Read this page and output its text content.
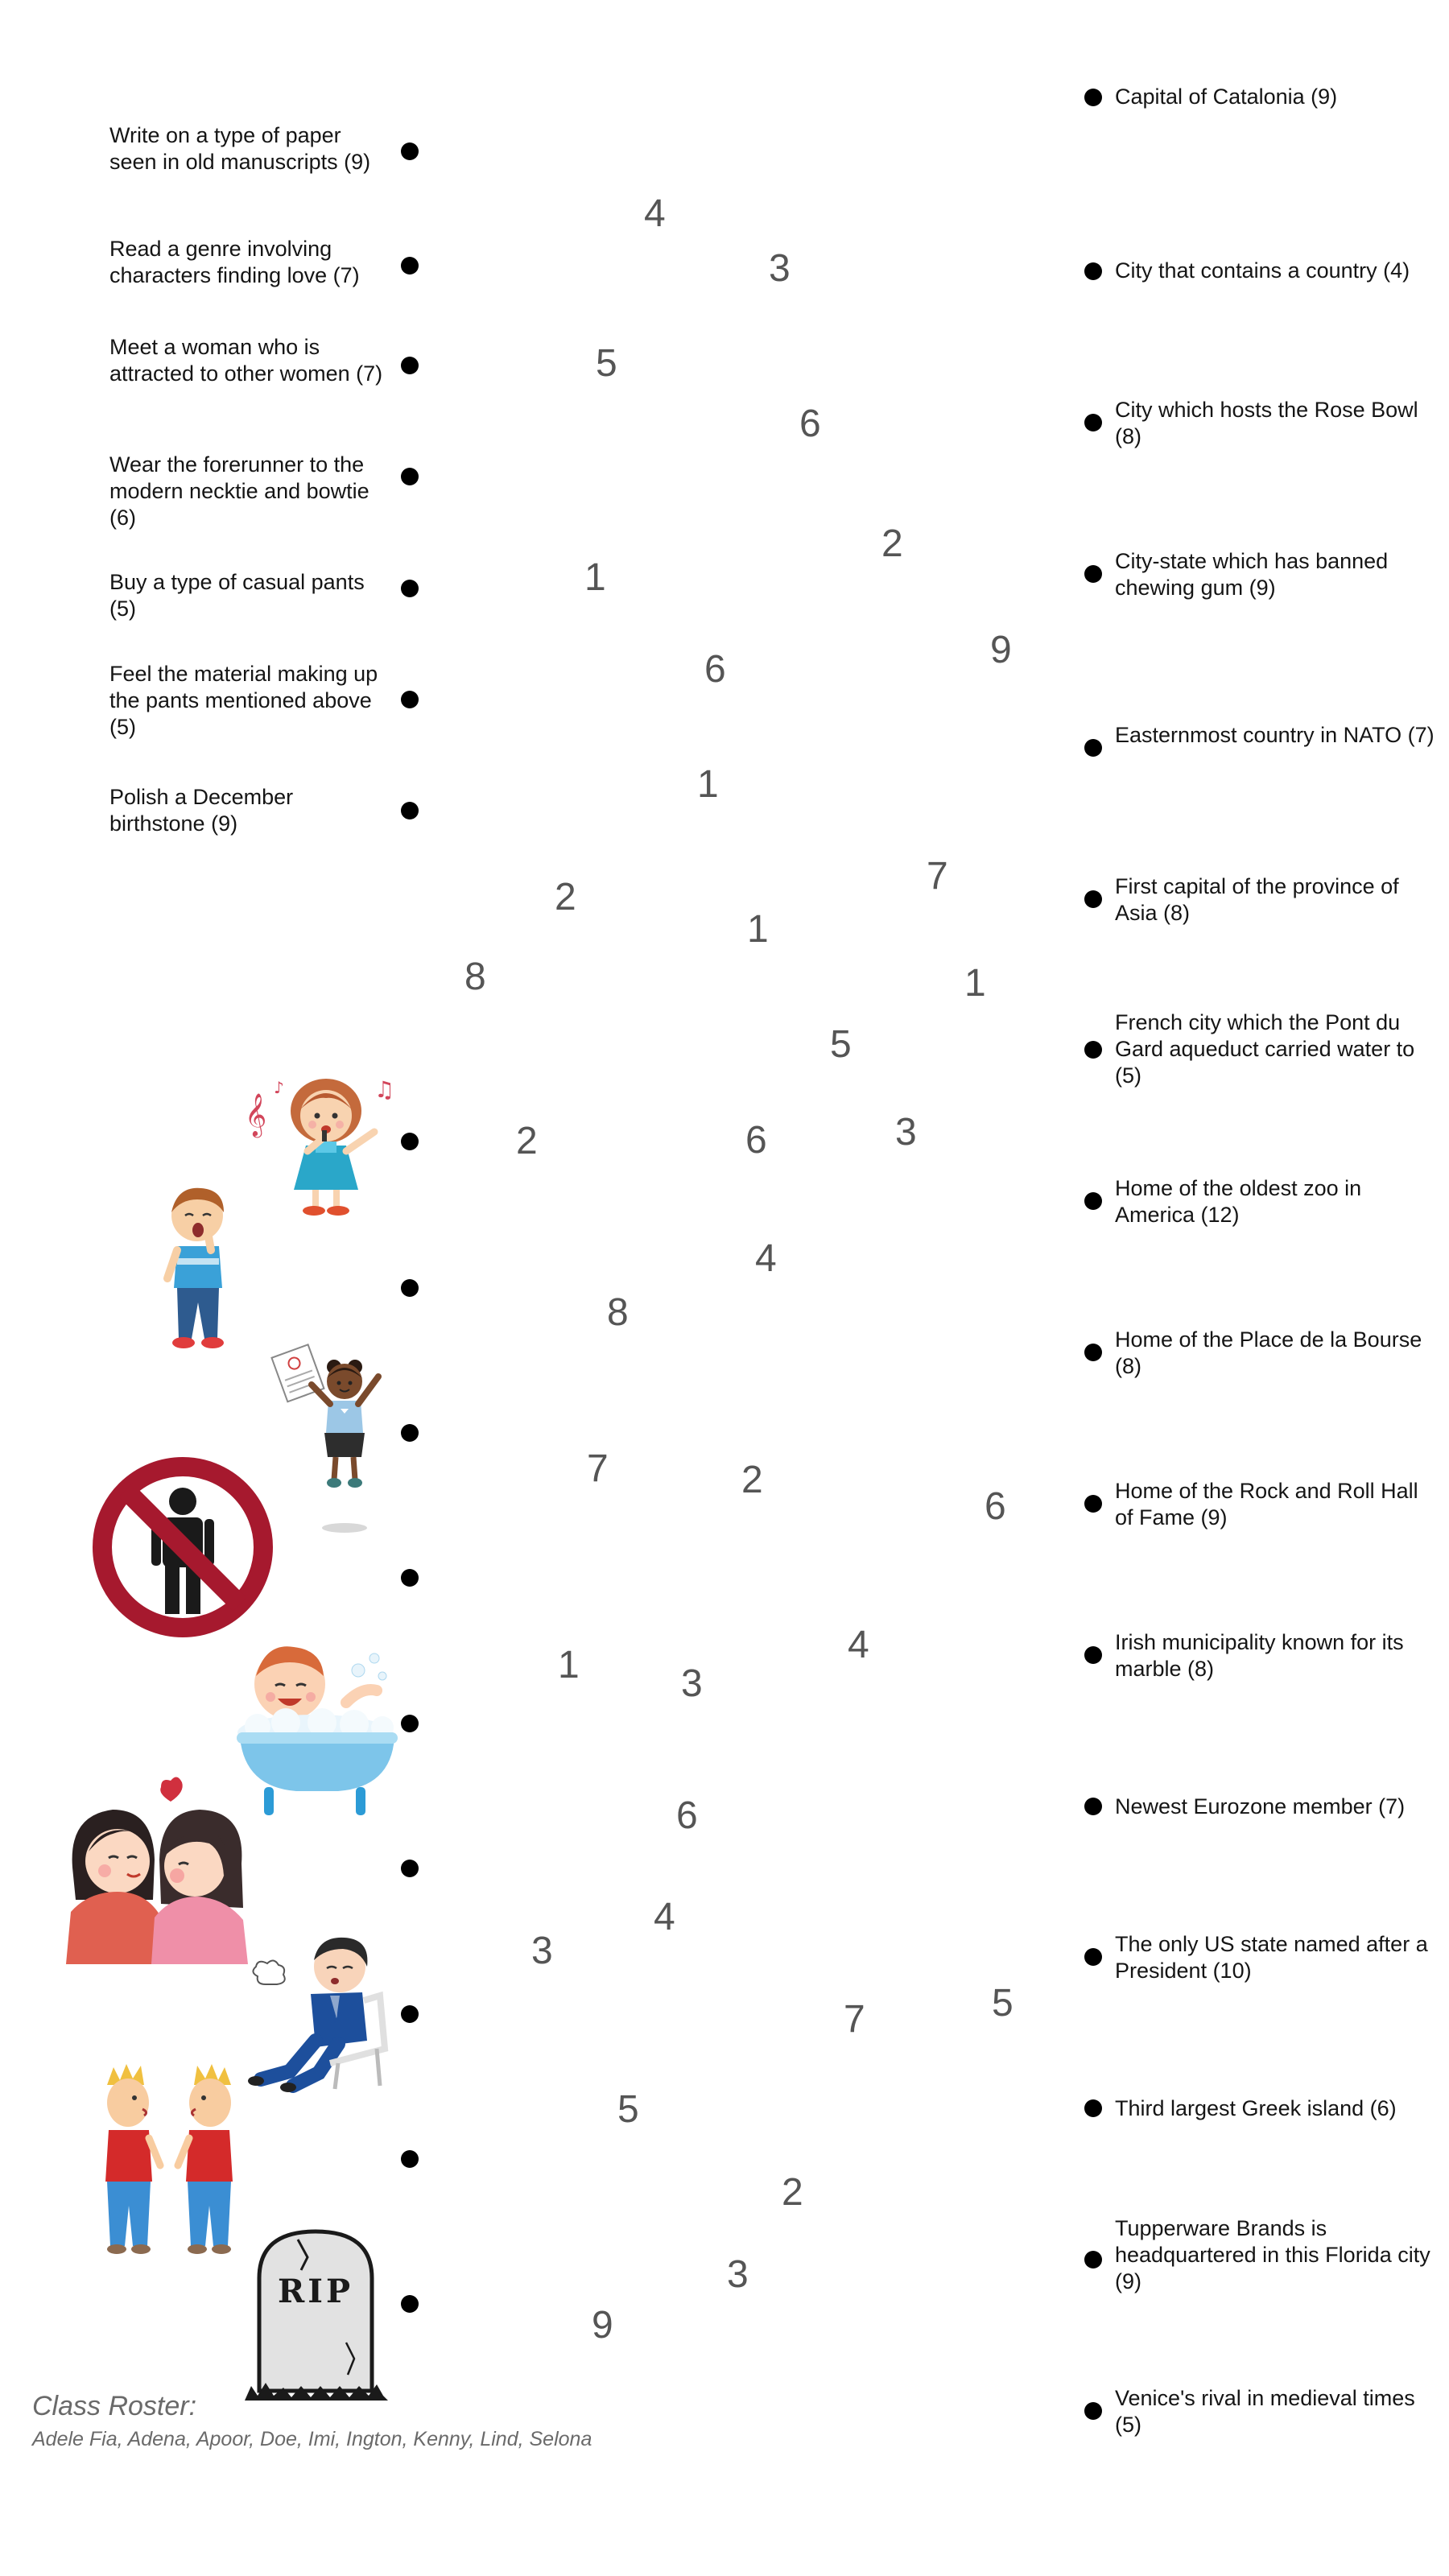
Write on a type of paper seen in old manuscripts (9)
Read a genre involving characters finding love (7)
Meet a woman who is attracted to other women (7)
Wear the forerunner to the modern necktie and bowtie (6)
Buy a type of casual pants (5)
Feel the material making up the pants mentioned above (5)
Polish a December birthstone (9)
Capital of Catalonia (9)
City that contains a country (4)
City which hosts the Rose Bowl (8)
City-state which has banned chewing gum (9)
Easternmost country in NATO (7)
First capital of the province of Asia (8)
French city which the Pont du Gard aqueduct carried water to (5)
Home of the oldest zoo in America (12)
Home of the Place de la Bourse (8)
Home of the Rock and Roll Hall of Fame (9)
Irish municipality known for its marble (8)
Newest Eurozone member (7)
The only US state named after a President (10)
Third largest Greek island (6)
Tupperware Brands is headquartered in this Florida city (9)
Venice's rival in medieval times (5)
4
3
5
6
2
1
9
6
1
7
2
1
8	1
5
2	6	3
4
8
7	2
6
4
1	3
6
4
3
5
7
5
2
3
9
𝄞
♫
♪
RIP
Class Roster:
Adele Fia, Adena, Apoor, Doe, Imi, Ington, Kenny, Lind, Selona
